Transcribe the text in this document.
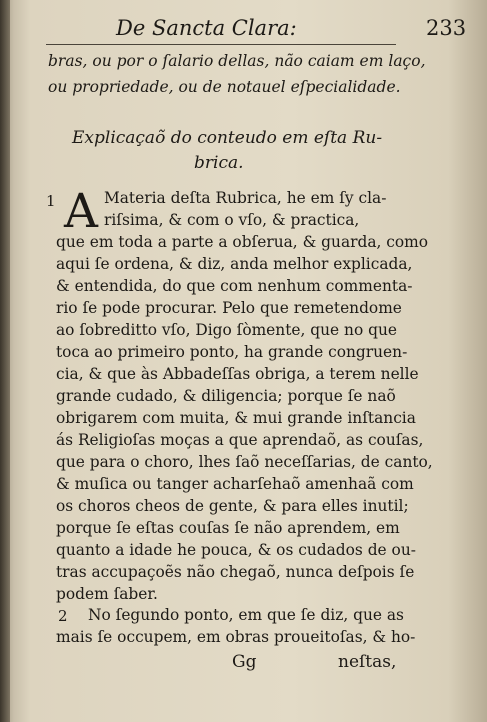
De Sancta Clara:	233
bras, ou por o ſalario dellas, não caiam em laço,
ou propriedade, ou de notauel eſpecialidade.
Explicaçaõ do conteudo em eſta Ru-
brica.
1 A Materia deſta Rubrica, he em ſy cla-
riſsima, & com o vſo, & practica,
que em toda a parte a obſerua, & guarda, como
aqui ſe ordena, & diz, anda melhor explicada,
& entendida, do que com nenhum commenta-
rio ſe pode procurar. Pelo que remetendome
ao ſobreditto vſo, Digo ſòmente, que no que
toca ao primeiro ponto, ha grande congruen-
cia, & que às Abbadeſſas obriga, a terem nelle
grande cudado, & diligencia; porque ſe naõ
obrigarem com muita, & mui grande inſtancia
ás Religioſas moças a que aprendaõ, as couſas,
que para o choro, lhes ſaõ neceſſarias, de canto,
& muſica ou tanger acharſehaõ amenhaã com
os choros cheos de gente, & para elles inutil;
porque ſe eſtas couſas ſe não aprendem, em
quanto a idade he pouca, & os cudados de ou-
tras accupaçoẽs não chegaõ, nunca deſpois ſe
podem ſaber.
2 No ſegundo ponto, em que ſe diz, que as
mais ſe occupem, em obras proueitoſas, & ho-
Gg	neſtas,
